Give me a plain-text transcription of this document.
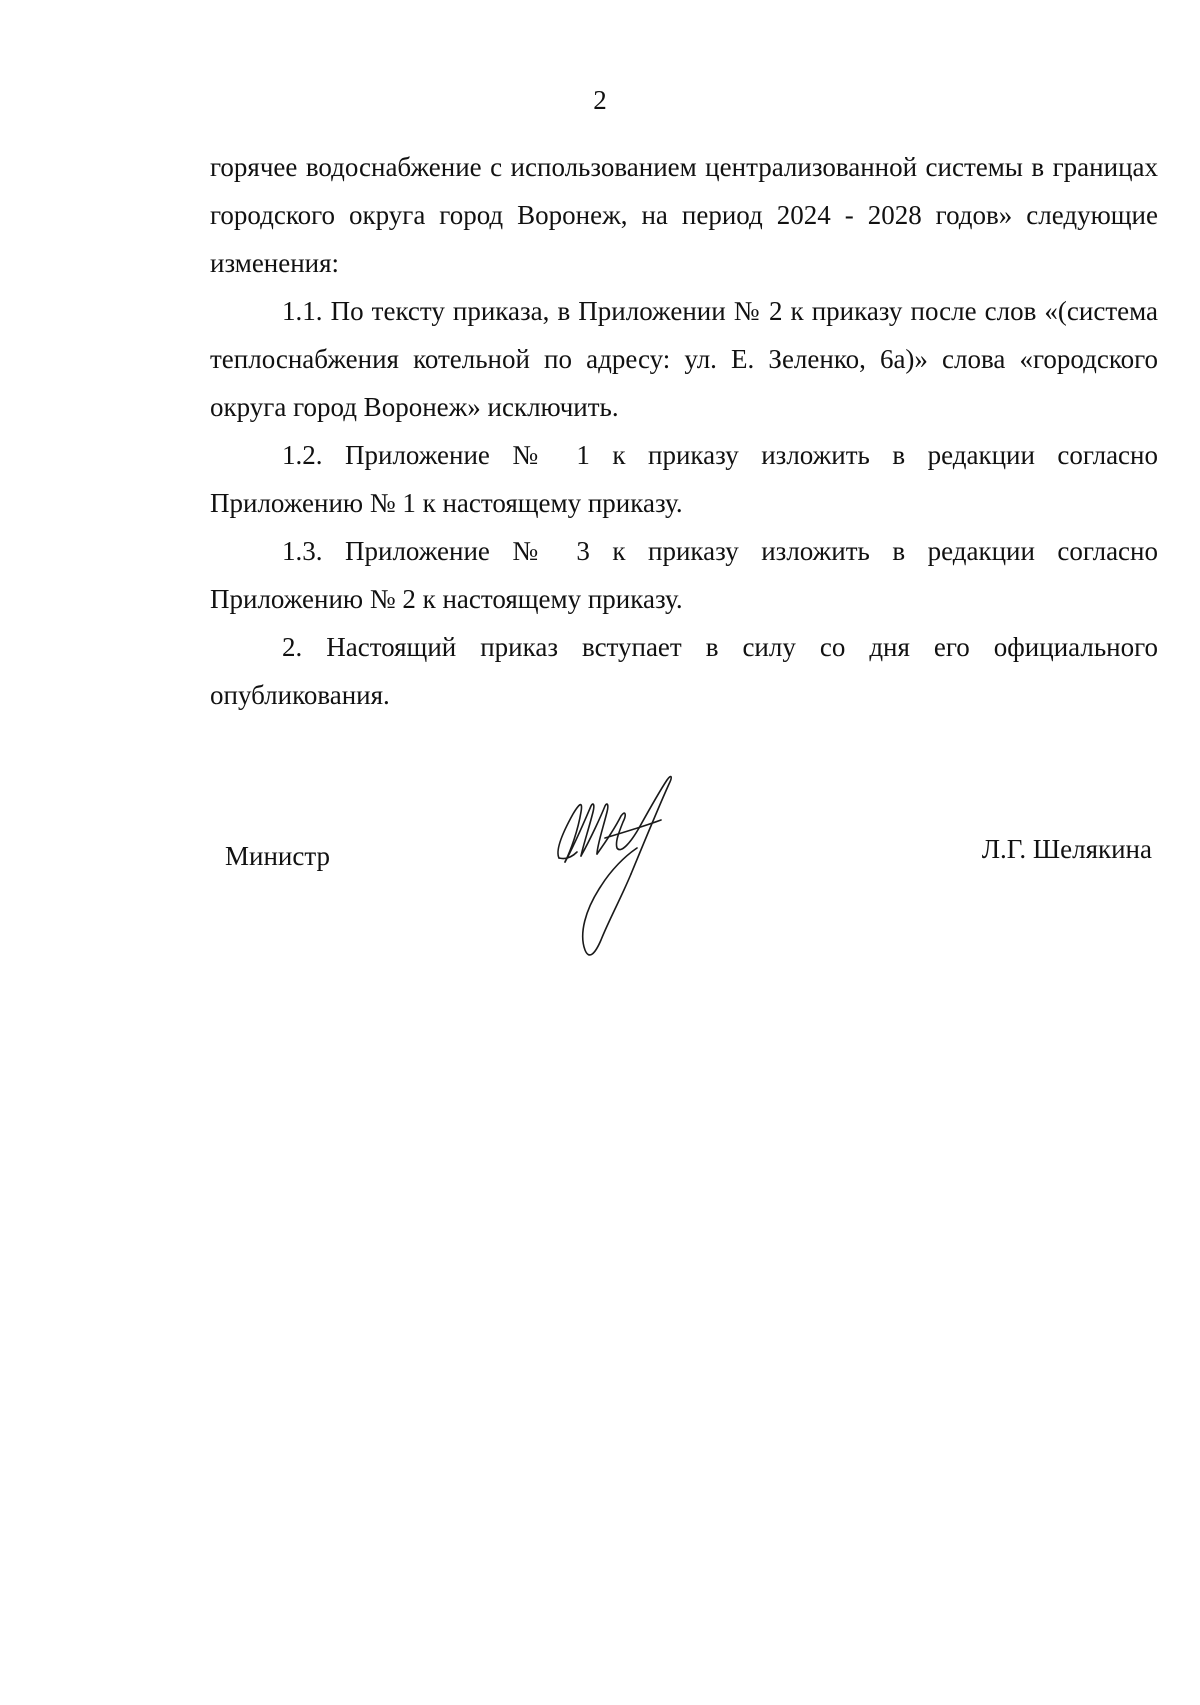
2

горячее водоснабжение с использованием централизованной системы в границах городского округа город Воронеж, на период 2024 - 2028 годов» следующие изменения:

1.1. По тексту приказа, в Приложении № 2 к приказу после слов «(система теплоснабжения котельной по адресу: ул. Е. Зеленко, 6а)» слова «городского округа город Воронеж» исключить.

1.2. Приложение № 1 к приказу изложить в редакции согласно Приложению № 1 к настоящему приказу.

1.3. Приложение № 3 к приказу изложить в редакции согласно Приложению № 2 к настоящему приказу.

2. Настоящий приказ вступает в силу со дня его официального опубликования.

Министр	Л.Г. Шелякина
